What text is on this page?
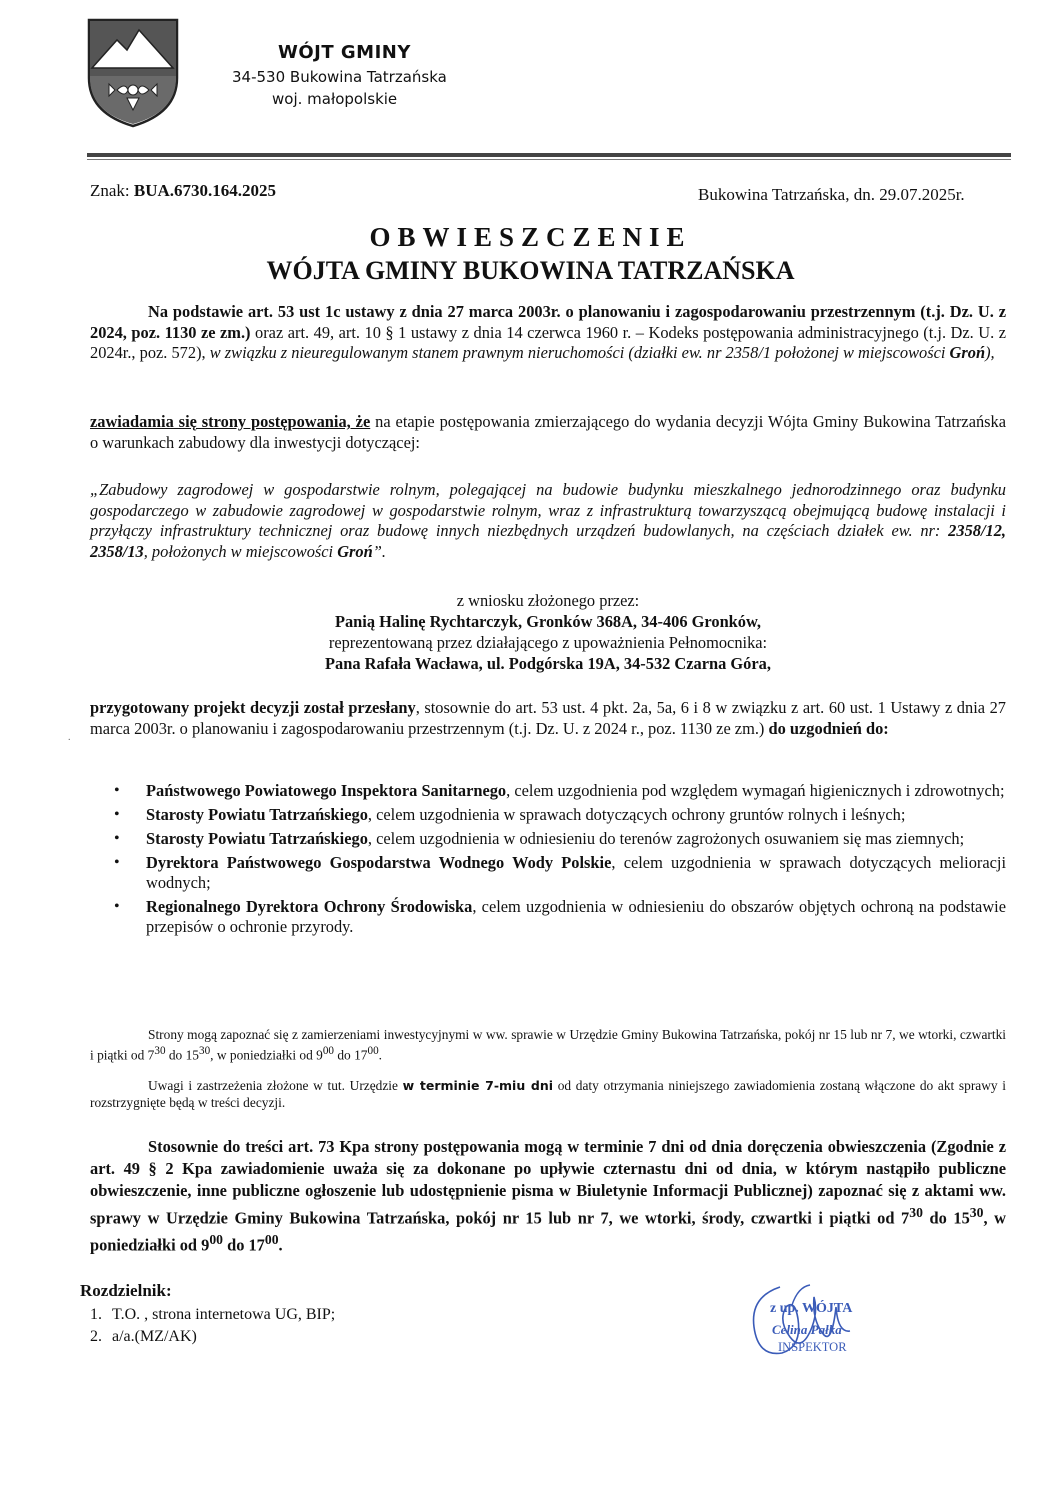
WÓJT GMINY
34-530 Bukowina Tatrzańska
woj. małopolskie
Znak: BUA.6730.164.2025	Bukowina Tatrzańska, dn. 29.07.2025r.
OBWIESZCZENIE
WÓJTA GMINY BUKOWINA TATRZAŃSKA

Na podstawie art. 53 ust 1c ustawy z dnia 27 marca 2003r. o planowaniu i zagospodarowaniu przestrzennym (t.j. Dz. U. z 2024, poz. 1130 ze zm.) oraz art. 49, art. 10 § 1 ustawy z dnia 14 czerwca 1960 r. – Kodeks postępowania administracyjnego (t.j. Dz. U. z 2024r., poz. 572), w związku z nieuregulowanym stanem prawnym nieruchomości (działki ew. nr 2358/1 położonej w miejscowości Groń),

zawiadamia się strony postępowania, że na etapie postępowania zmierzającego do wydania decyzji Wójta Gminy Bukowina Tatrzańska o warunkach zabudowy dla inwestycji dotyczącej:

„Zabudowy zagrodowej w gospodarstwie rolnym, polegającej na budowie budynku mieszkalnego jednorodzinnego oraz budynku gospodarczego w zabudowie zagrodowej w gospodarstwie rolnym, wraz z infrastrukturą towarzyszącą obejmującą budowę instalacji i przyłączy infrastruktury technicznej oraz budowę innych niezbędnych urządzeń budowlanych, na częściach działek ew. nr: 2358/12, 2358/13, położonych w miejscowości Groń”.

z wniosku złożonego przez:
Panią Halinę Rychtarczyk, Gronków 368A, 34-406 Gronków,
reprezentowaną przez działającego z upoważnienia Pełnomocnika:
Pana Rafała Wacława, ul. Podgórska 19A, 34-532 Czarna Góra,
.

przygotowany projekt decyzji został przesłany, stosownie do art. 53 ust. 4 pkt. 2a, 5a, 6 i 8 w związku z art. 60 ust. 1 Ustawy z dnia 27 marca 2003r. o planowaniu i zagospodarowaniu przestrzennym (t.j. Dz. U. z 2024 r., poz. 1130 ze zm.) do uzgodnień do:

• Państwowego Powiatowego Inspektora Sanitarnego, celem uzgodnienia pod względem wymagań higienicznych i zdrowotnych;
• Starosty Powiatu Tatrzańskiego, celem uzgodnienia w sprawach dotyczących ochrony gruntów rolnych i leśnych;
• Starosty Powiatu Tatrzańskiego, celem uzgodnienia w odniesieniu do terenów zagrożonych osuwaniem się mas ziemnych;
• Dyrektora Państwowego Gospodarstwa Wodnego Wody Polskie, celem uzgodnienia w sprawach dotyczących melioracji wodnych;
• Regionalnego Dyrektora Ochrony Środowiska, celem uzgodnienia w odniesieniu do obszarów objętych ochroną na podstawie przepisów o ochronie przyrody.

Strony mogą zapoznać się z zamierzeniami inwestycyjnymi w ww. sprawie w Urzędzie Gminy Bukowina Tatrzańska, pokój nr 15 lub nr 7, we wtorki, czwartki i piątki od $7^{30}$ do $15^{30}$, w poniedziałki od $9^{00}$ do $17^{00}$.

Uwagi i zastrzeżenia złożone w tut. Urzędzie w terminie 7-miu dni od daty otrzymania niniejszego zawiadomienia zostaną włączone do akt sprawy i rozstrzygnięte będą w treści decyzji.

Stosownie do treści art. 73 Kpa strony postępowania mogą w terminie 7 dni od dnia doręczenia obwieszczenia (Zgodnie z art. 49 § 2 Kpa zawiadomienie uważa się za dokonane po upływie czternastu dni od dnia, w którym nastąpiło publiczne obwieszczenie, inne publiczne ogłoszenie lub udostępnienie pisma w Biuletynie Informacji Publicznej) zapoznać się z aktami ww. sprawy w Urzędzie Gminy Bukowina Tatrzańska, pokój nr 15 lub nr 7, we wtorki, środy, czwartki i piątki od $7^{30}$ do $15^{30}$, w poniedziałki od $9^{00}$ do $17^{00}$.

Rozdzielnik:
1. T.O. , strona internetowa UG, BIP;
2. a/a.(MZ/AK)
z up. WÓJTA
Celina Pałka
INSPEKTOR
